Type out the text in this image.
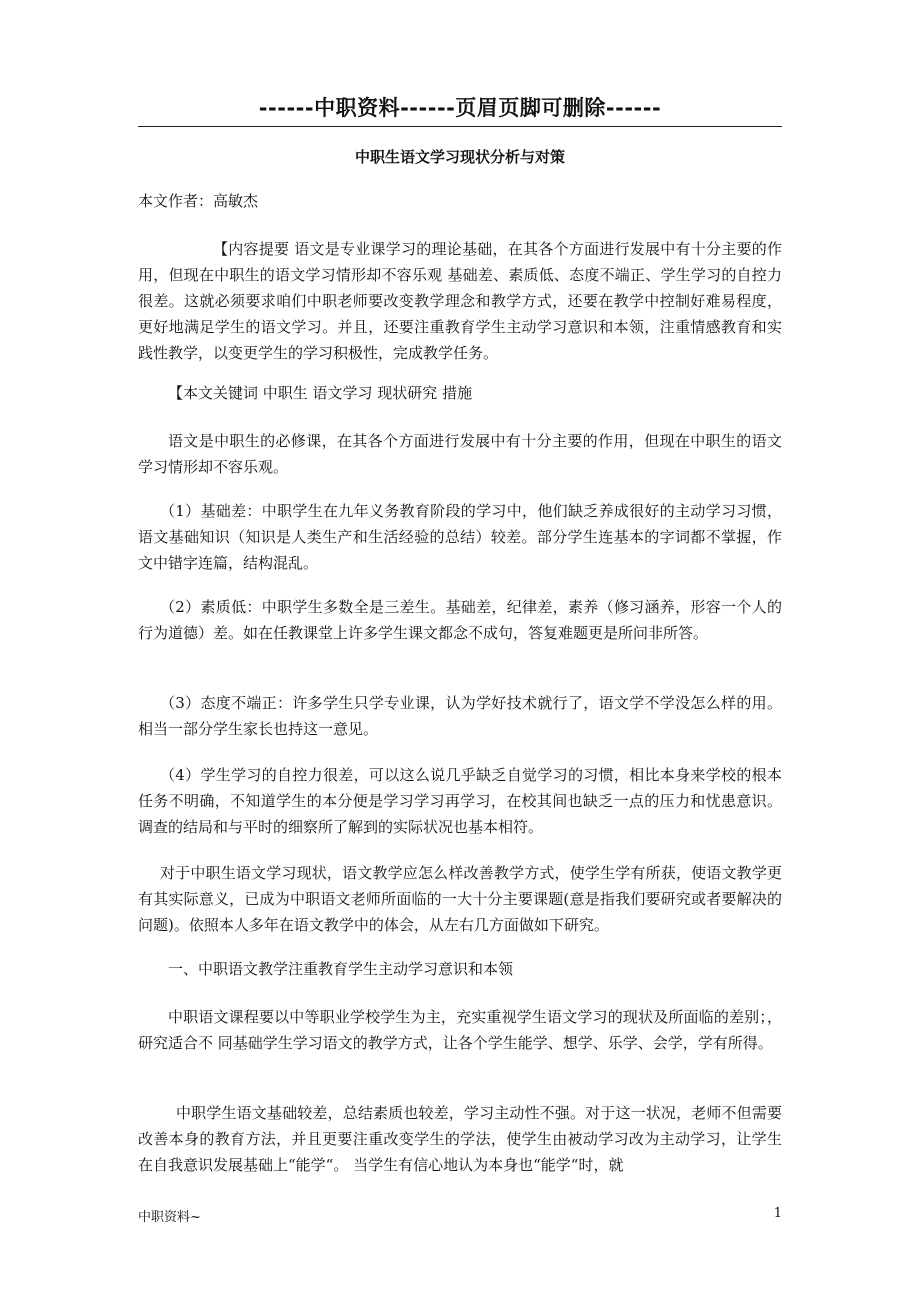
------中职资料------页眉页脚可删除------
中职生语文学习现状分析与对策

本文作者：高敏杰

【内容提要 语文是专业课学习的理论基础，在其各个方面进行发展中有十分主要的作用，但现在中职生的语文学习情形却不容乐观 基础差、素质低、态度不端正、学生学习的自控力很差。这就必须要求咱们中职老师要改变教学理念和教学方式，还要在教学中控制好难易程度，更好地满足学生的语文学习。并且，还要注重教育学生主动学习意识和本领，注重情感教育和实践性教学，以变更学生的学习积极性，完成教学任务。

【本文关键词 中职生 语文学习 现状研究 措施

语文是中职生的必修课，在其各个方面进行发展中有十分主要的作用，但现在中职生的语文学习情形却不容乐观。

（1）基础差：中职学生在九年义务教育阶段的学习中，他们缺乏养成很好的主动学习习惯，语文基础知识（知识是人类生产和生活经验的总结）较差。部分学生连基本的字词都不掌握，作文中错字连篇，结构混乱。

（2）素质低：中职学生多数全是三差生。基础差，纪律差，素养（修习涵养，形容一个人的行为道德）差。如在任教课堂上许多学生课文都念不成句，答复难题更是所问非所答。

（3）态度不端正：许多学生只学专业课，认为学好技术就行了，语文学不学没怎么样的用。相当一部分学生家长也持这一意见。

（4）学生学习的自控力很差，可以这么说几乎缺乏自觉学习的习惯，相比本身来学校的根本任务不明确，不知道学生的本分便是学习学习再学习，在校其间也缺乏一点的压力和忧患意识。调查的结局和与平时的细察所了解到的实际状况也基本相符。

对于中职生语文学习现状，语文教学应怎么样改善教学方式，使学生学有所获，使语文教学更有其实际意义，已成为中职语文老师所面临的一大十分主要课题(意是指我们要研究或者要解决的问题)。依照本人多年在语文教学中的体会，从左右几方面做如下研究。

一、中职语文教学注重教育学生主动学习意识和本领

中职语文课程要以中等职业学校学生为主，充实重视学生语文学习的现状及所面临的差别；，研究适合不 同基础学生学习语文的教学方式，让各个学生能学、想学、乐学、会学，学有所得。

中职学生语文基础较差，总结素质也较差，学习主动性不强。对于这一状况，老师不但需要改善本身的教育方法，并且更要注重改变学生的学法，使学生由被动学习改为主动学习，让学生在自我意识发展基础上“能学“。 当学生有信心地认为本身也“能学“时，就

中职资料~	1
